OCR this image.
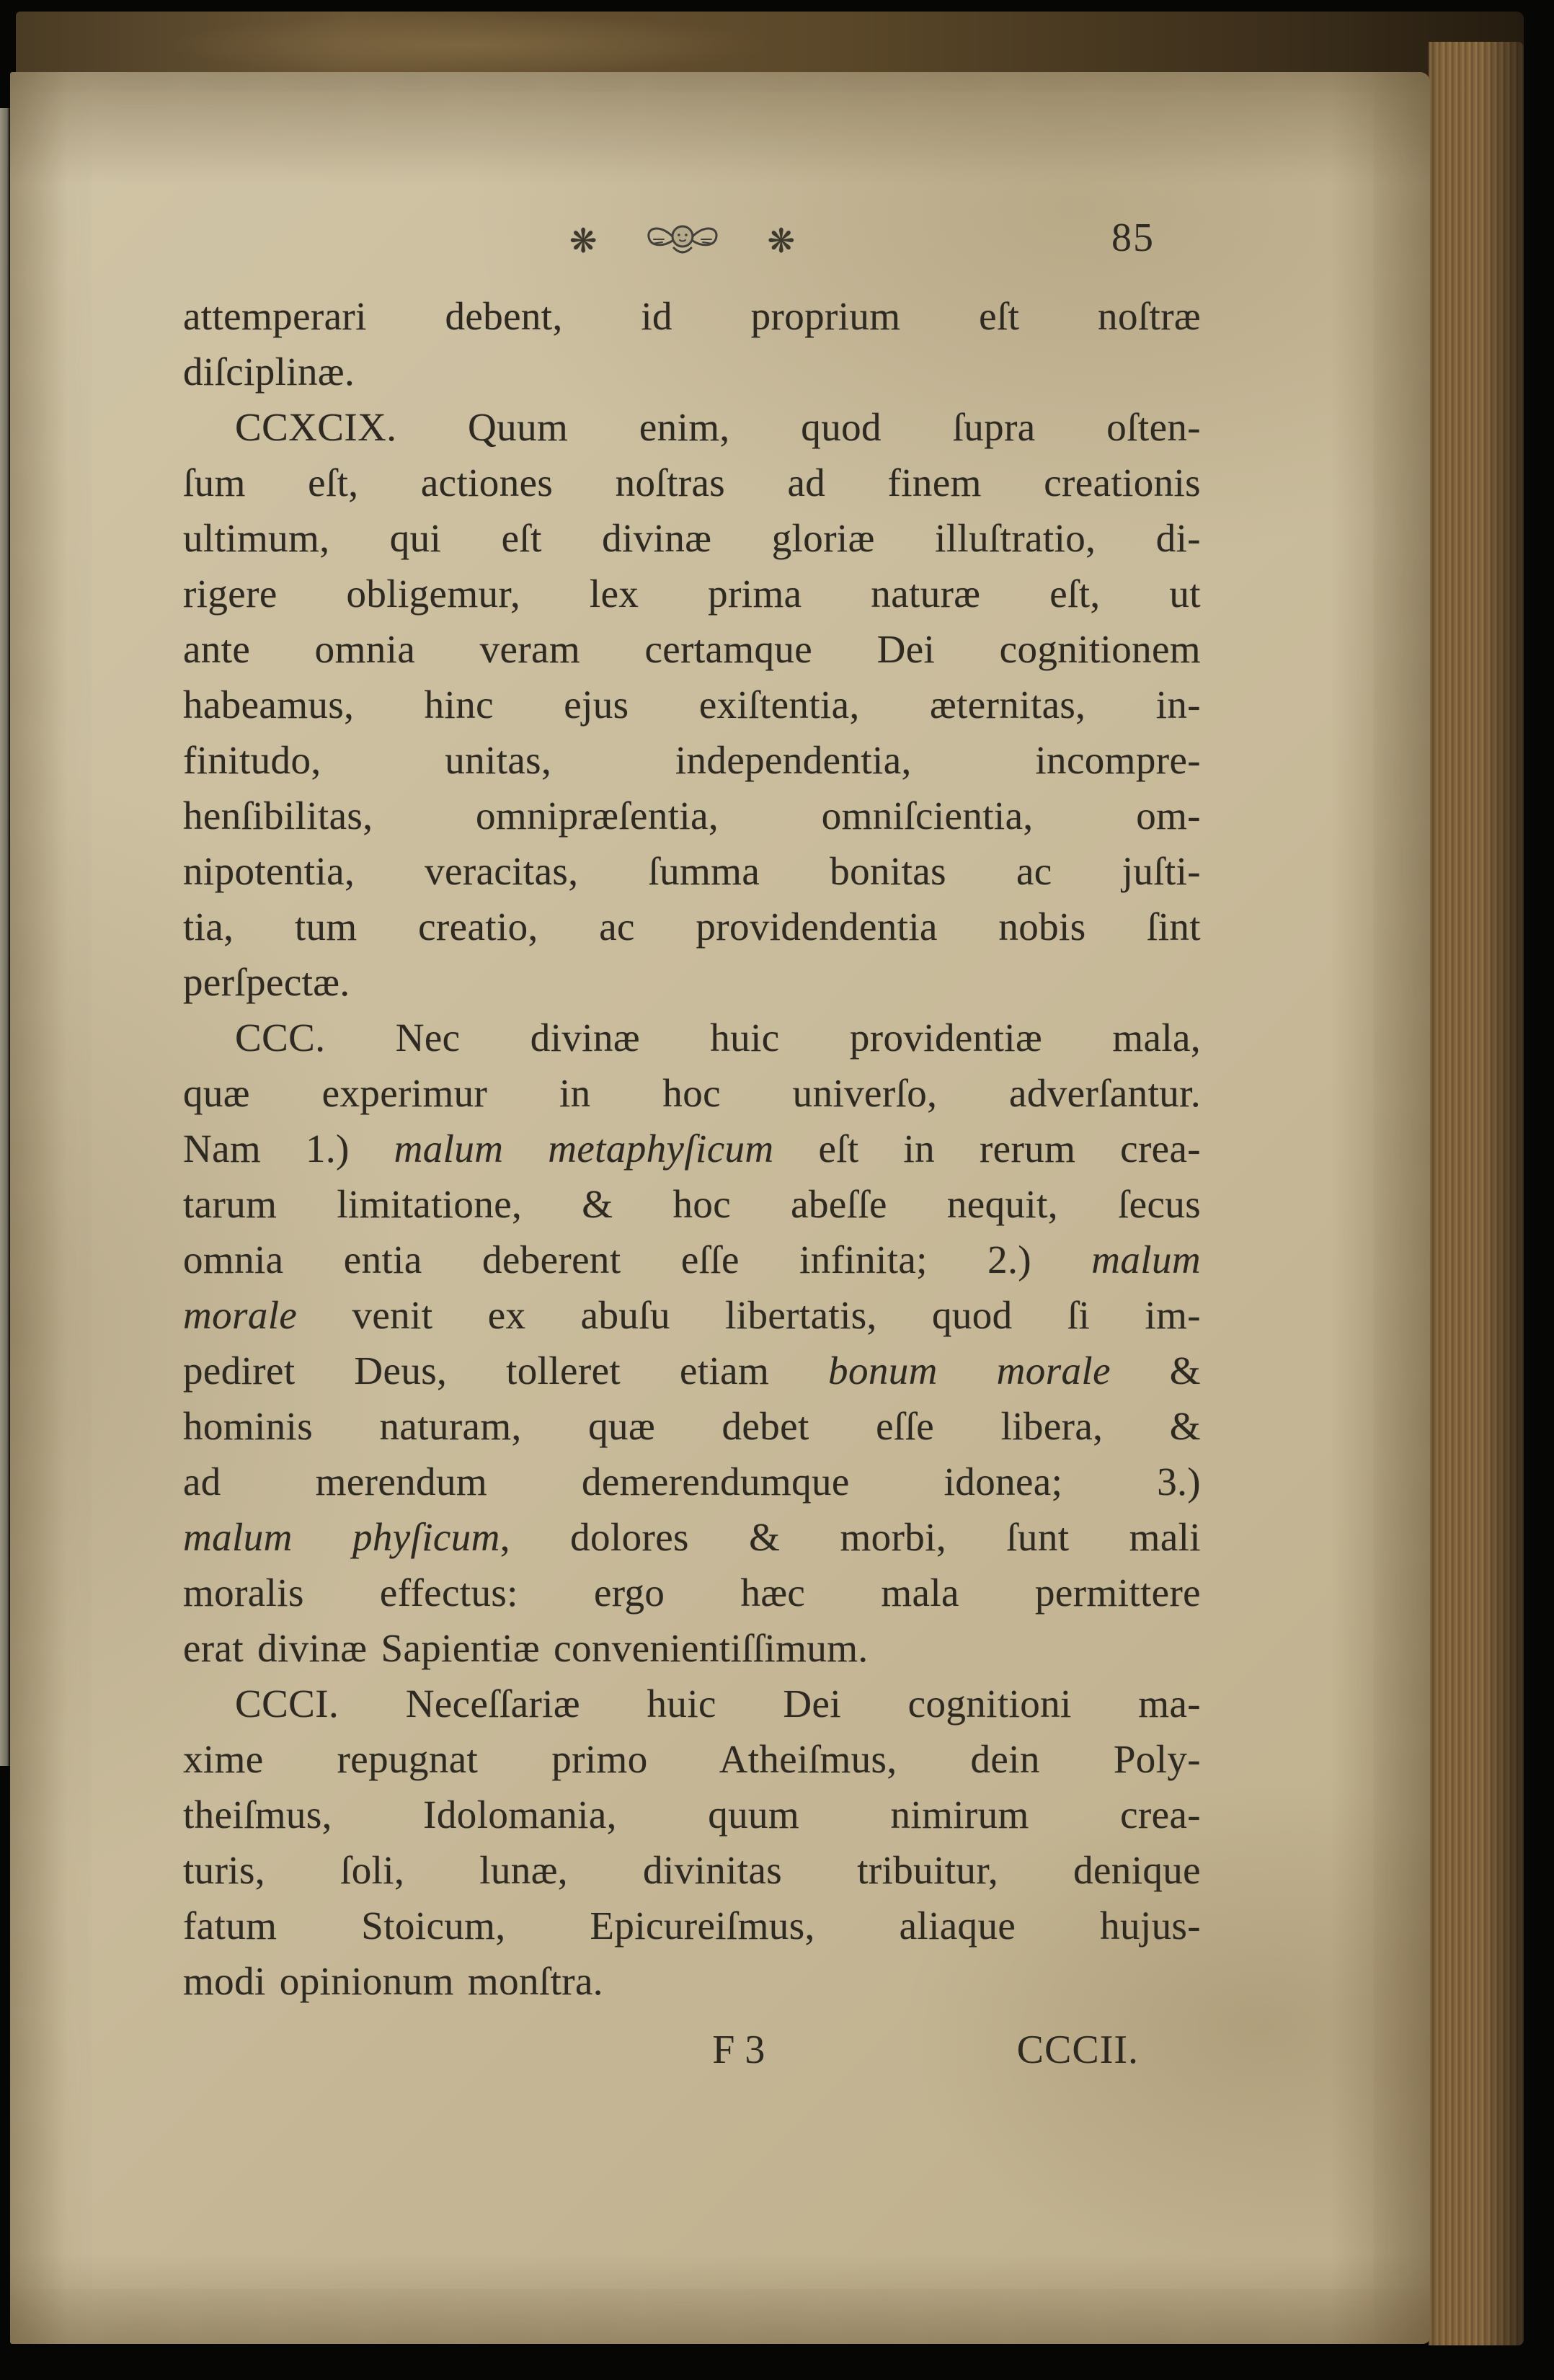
❋	❋	85
attemperari debent, id proprium eſt noſtræ
diſciplinæ.
CCXCIX. Quum enim, quod ſupra oſten-
ſum eſt, actiones noſtras ad finem creationis
ultimum, qui eſt divinæ gloriæ illuſtratio, di-
rigere obligemur, lex prima naturæ eſt, ut
ante omnia veram certamque Dei cognitionem
habeamus, hinc ejus exiſtentia, æternitas, in-
finitudo, unitas, independentia, incompre-
henſibilitas, omnipræſentia, omniſcientia, om-
nipotentia, veracitas, ſumma bonitas ac juſti-
tia, tum creatio, ac providendentia nobis ſint
perſpectæ.
CCC. Nec divinæ huic providentiæ mala,
quæ experimur in hoc univerſo, adverſantur.
Nam 1.) malum metaphyſicum eſt in rerum crea-
tarum limitatione, & hoc abeſſe nequit, ſecus
omnia entia deberent eſſe infinita; 2.) malum
morale venit ex abuſu libertatis, quod ſi im-
pediret Deus, tolleret etiam bonum morale &
hominis naturam, quæ debet eſſe libera, &
ad merendum demerendumque idonea; 3.)
malum phyſicum, dolores & morbi, ſunt mali
moralis effectus: ergo hæc mala permittere
erat divinæ Sapientiæ convenientiſſimum.
CCCI. Neceſſariæ huic Dei cognitioni ma-
xime repugnat primo Atheiſmus, dein Poly-
theiſmus, Idolomania, quum nimirum crea-
turis, ſoli, lunæ, divinitas tribuitur, denique
fatum Stoicum, Epicureiſmus, aliaque hujus-
modi opinionum monſtra.
F 3	CCCII.
